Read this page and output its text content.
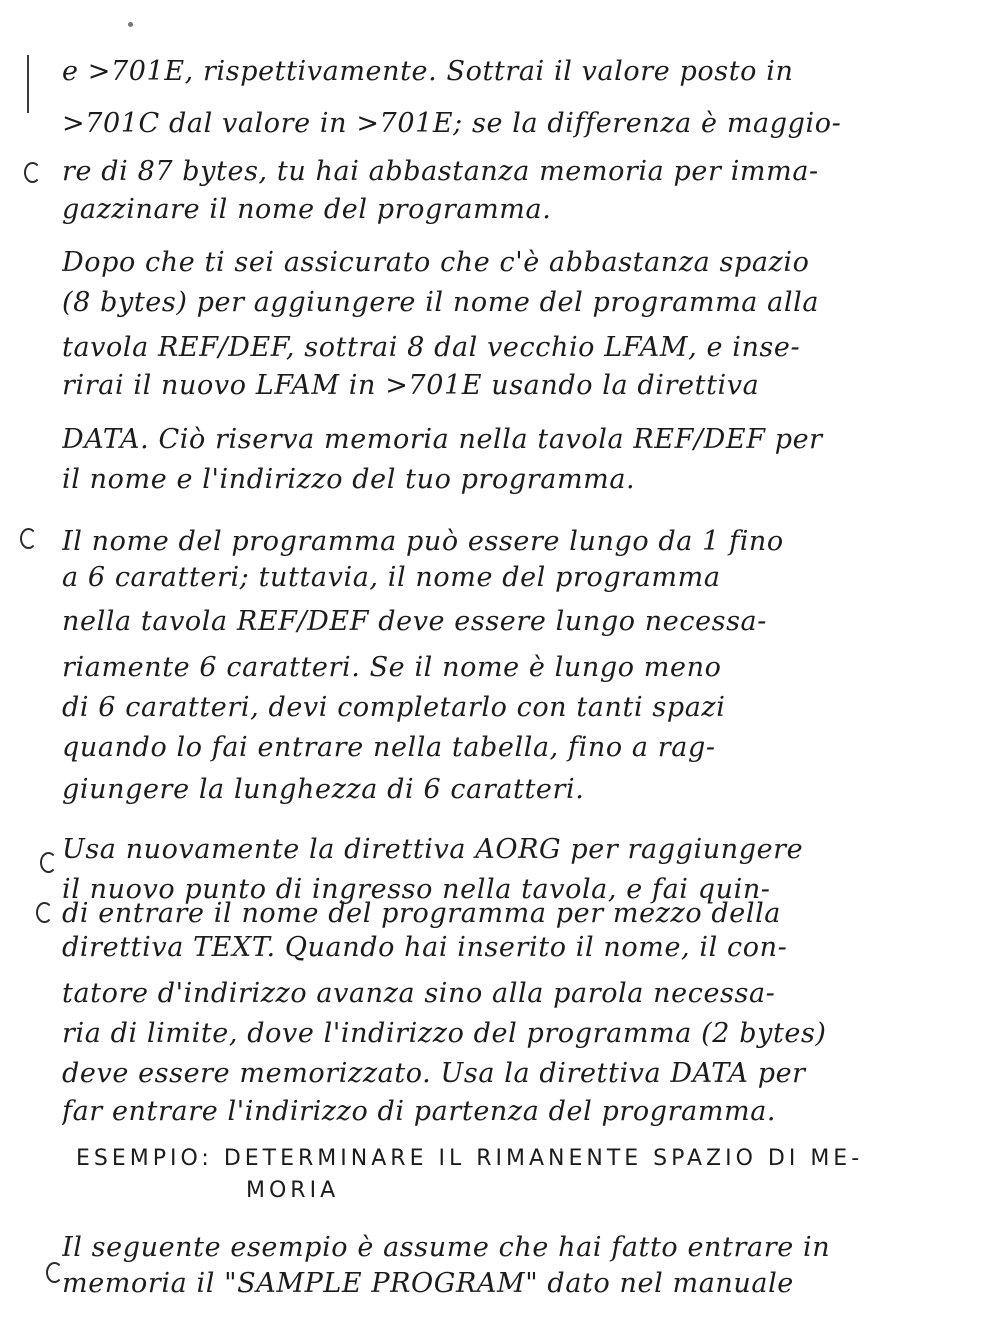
e >701E, rispettivamente. Sottrai il valore posto in
>701C dal valore in >701E; se la differenza è maggio-
re di 87 bytes, tu hai abbastanza memoria per imma-
gazzinare il nome del programma.
Dopo che ti sei assicurato che c'è abbastanza spazio
(8 bytes) per aggiungere il nome del programma alla
tavola REF/DEF, sottrai 8 dal vecchio LFAM, e inse-
rirai il nuovo LFAM in >701E usando la direttiva
DATA. Ciò riserva memoria nella tavola REF/DEF per
il nome e l'indirizzo del tuo programma.
Il nome del programma può essere lungo da 1 fino
a 6 caratteri; tuttavia, il nome del programma
nella tavola REF/DEF deve essere lungo necessa-
riamente 6 caratteri. Se il nome è lungo meno
di 6 caratteri, devi completarlo con tanti spazi
quando lo fai entrare nella tabella, fino a rag-
giungere la lunghezza di 6 caratteri.
Usa nuovamente la direttiva AORG per raggiungere
il nuovo punto di ingresso nella tavola, e fai quin-
di entrare il nome del programma per mezzo della
direttiva TEXT. Quando hai inserito il nome, il con-
tatore d'indirizzo avanza sino alla parola necessa-
ria di limite, dove l'indirizzo del programma (2 bytes)
deve essere memorizzato. Usa la direttiva DATA per
far entrare l'indirizzo di partenza del programma.
ESEMPIO: DETERMINARE IL RIMANENTE SPAZIO DI ME-
MORIA
Il seguente esempio è assume che hai fatto entrare in
memoria il "SAMPLE PROGRAM" dato nel manuale
